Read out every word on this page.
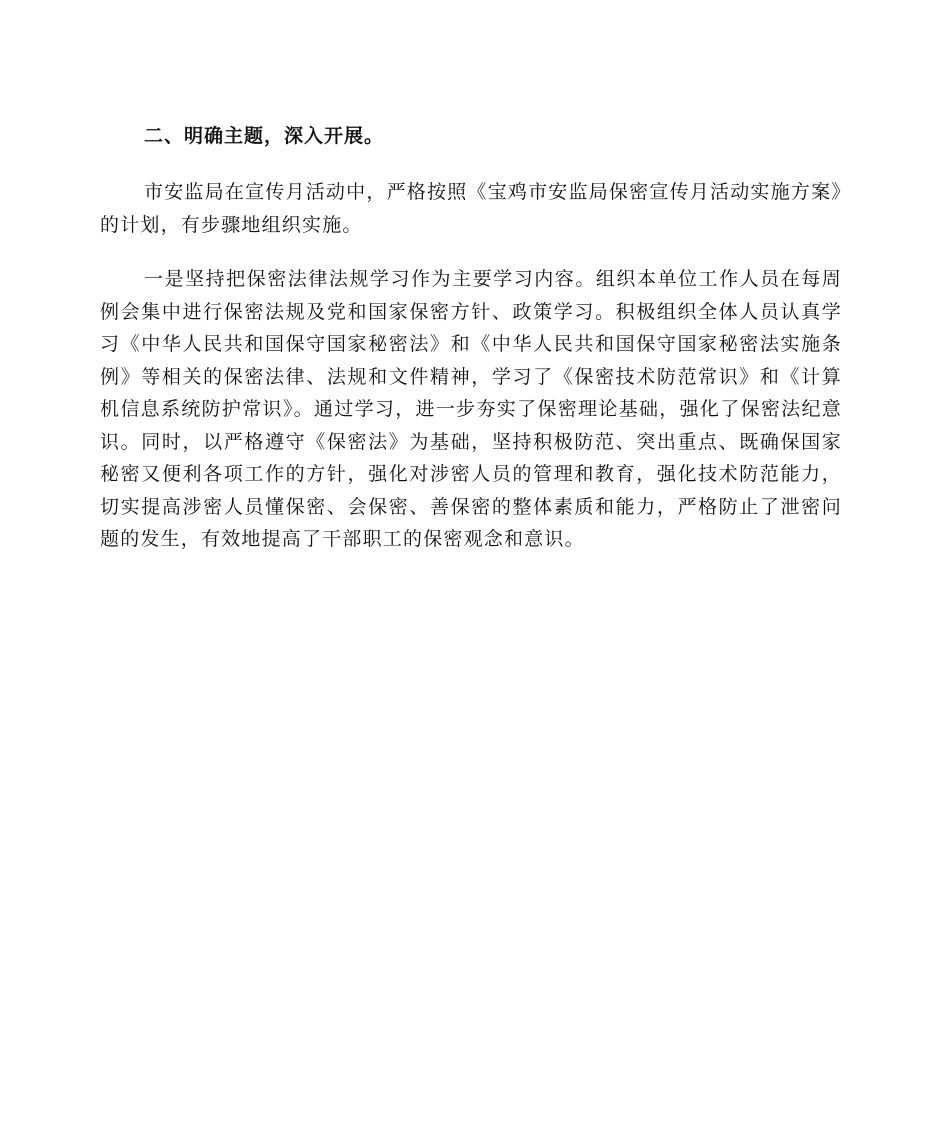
二、明确主题，深入开展。

市安监局在宣传月活动中，严格按照《宝鸡市安监局保密宣传月活动实施方案》的计划，有步骤地组织实施。

一是坚持把保密法律法规学习作为主要学习内容。组织本单位工作人员在每周例会集中进行保密法规及党和国家保密方针、政策学习。积极组织全体人员认真学习《中华人民共和国保守国家秘密法》和《中华人民共和国保守国家秘密法实施条例》等相关的保密法律、法规和文件精神，学习了《保密技术防范常识》和《计算机信息系统防护常识》。通过学习，进一步夯实了保密理论基础，强化了保密法纪意识。同时，以严格遵守《保密法》为基础，坚持积极防范、突出重点、既确保国家秘密又便利各项工作的方针，强化对涉密人员的管理和教育，强化技术防范能力，切实提高涉密人员懂保密、会保密、善保密的整体素质和能力，严格防止了泄密问题的发生，有效地提高了干部职工的保密观念和意识。
